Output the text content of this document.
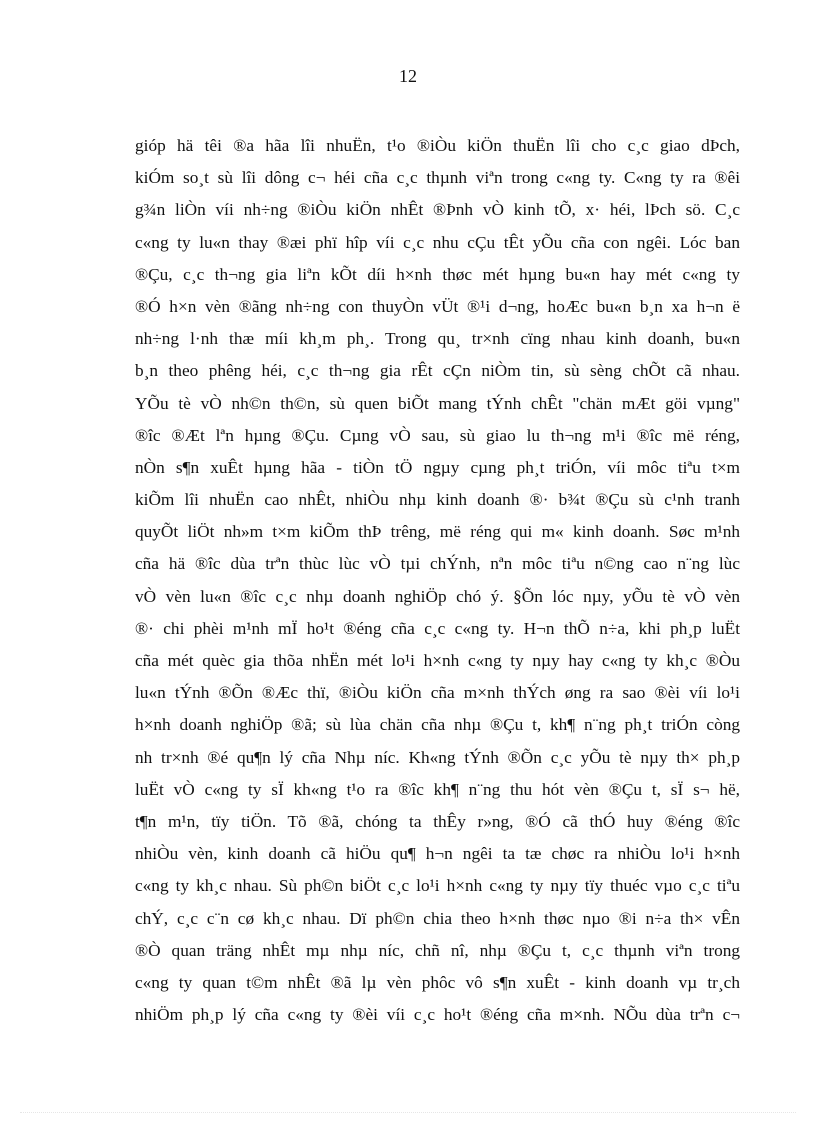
12
gióp hä têi ®a hãa lîi nhuËn, t¹o ®iÒu kiÖn thuËn lîi cho c¸c giao dÞch,
kiÓm so¸t sù lîi dông c¬ héi cña c¸c thµnh viªn trong c«ng ty. C«ng ty ra ®êi
g¾n liÒn víi nh÷ng ®iÒu kiÖn nhÊt ®Þnh vÒ kinh tÕ, x· héi, lÞch sö. C¸c
c«ng ty lu«n thay ®æi phï hîp víi c¸c nhu cÇu tÊt yÕu cña con ngêi. Lóc ban
®Çu, c¸c th¬ng gia liªn kÕt díi h×nh thøc mét hµng bu«n hay mét c«ng ty
®Ó h×n vèn ®ãng nh÷ng con thuyÒn vÜt ®¹i d¬ng, hoÆc bu«n b¸n xa h¬n ë
nh÷ng l·nh thæ míi kh¸m ph¸. Trong qu¸ tr×nh cïng nhau kinh doanh, bu«n
b¸n theo phêng héi, c¸c th¬ng gia rÊt cÇn niÒm tin, sù sèng chÕt cã nhau.
YÕu tè vÒ nh©n th©n, sù quen biÕt mang tÝnh chÊt "chän mÆt göi vµng"
®îc ®Æt lªn hµng ®Çu. Cµng vÒ sau, sù giao lu th¬ng m¹i ®îc më réng,
nÒn s¶n xuÊt hµng hãa - tiÒn tÖ ngµy cµng ph¸t triÓn, víi môc tiªu t×m
kiÕm lîi nhuËn cao nhÊt, nhiÒu nhµ kinh doanh ®· b¾t ®Çu sù c¹nh tranh
quyÕt liÖt nh»m t×m kiÕm thÞ trêng, më réng qui m« kinh doanh. Søc m¹nh
cña hä ®îc dùa trªn thùc lùc vÒ tµi chÝnh, nªn môc tiªu n©ng cao n¨ng lùc
vÒ vèn lu«n ®îc c¸c nhµ doanh nghiÖp chó ý. §Õn lóc nµy, yÕu tè vÒ vèn
®· chi phèi m¹nh mÏ ho¹t ®éng cña c¸c c«ng ty. H¬n thÕ n÷a, khi ph¸p luËt
cña mét quèc gia thõa nhËn mét lo¹i h×nh c«ng ty nµy hay c«ng ty kh¸c ®Òu
lu«n tÝnh ®Õn ®Æc thï, ®iÒu kiÖn cña m×nh thÝch øng ra sao ®èi víi lo¹i
h×nh doanh nghiÖp ®ã; sù lùa chän cña nhµ ®Çu t, kh¶ n¨ng ph¸t triÓn còng
nh tr×nh ®é qu¶n lý cña Nhµ níc. Kh«ng tÝnh ®Õn c¸c yÕu tè nµy th× ph¸p
luËt vÒ c«ng ty sÏ kh«ng t¹o ra ®îc kh¶ n¨ng thu hót vèn ®Çu t, sÏ s¬ hë,
t¶n m¹n, tïy tiÖn. Tõ ®ã, chóng ta thÊy r»ng, ®Ó cã thÓ huy ®éng ®îc
nhiÒu vèn, kinh doanh cã hiÖu qu¶ h¬n ngêi ta tæ chøc ra nhiÒu lo¹i h×nh
c«ng ty kh¸c nhau. Sù ph©n biÖt c¸c lo¹i h×nh c«ng ty nµy tïy thuéc vµo c¸c tiªu
chÝ, c¸c c¨n cø kh¸c nhau. Dï ph©n chia theo h×nh thøc nµo ®i n÷a th× vÊn
®Ò quan träng nhÊt mµ nhµ níc, chñ nî, nhµ ®Çu t, c¸c thµnh viªn trong
c«ng ty quan t©m nhÊt ®ã lµ vèn phôc vô s¶n xuÊt - kinh doanh vµ tr¸ch
nhiÖm ph¸p lý cña c«ng ty ®èi víi c¸c ho¹t ®éng cña m×nh. NÕu dùa trªn c¬
